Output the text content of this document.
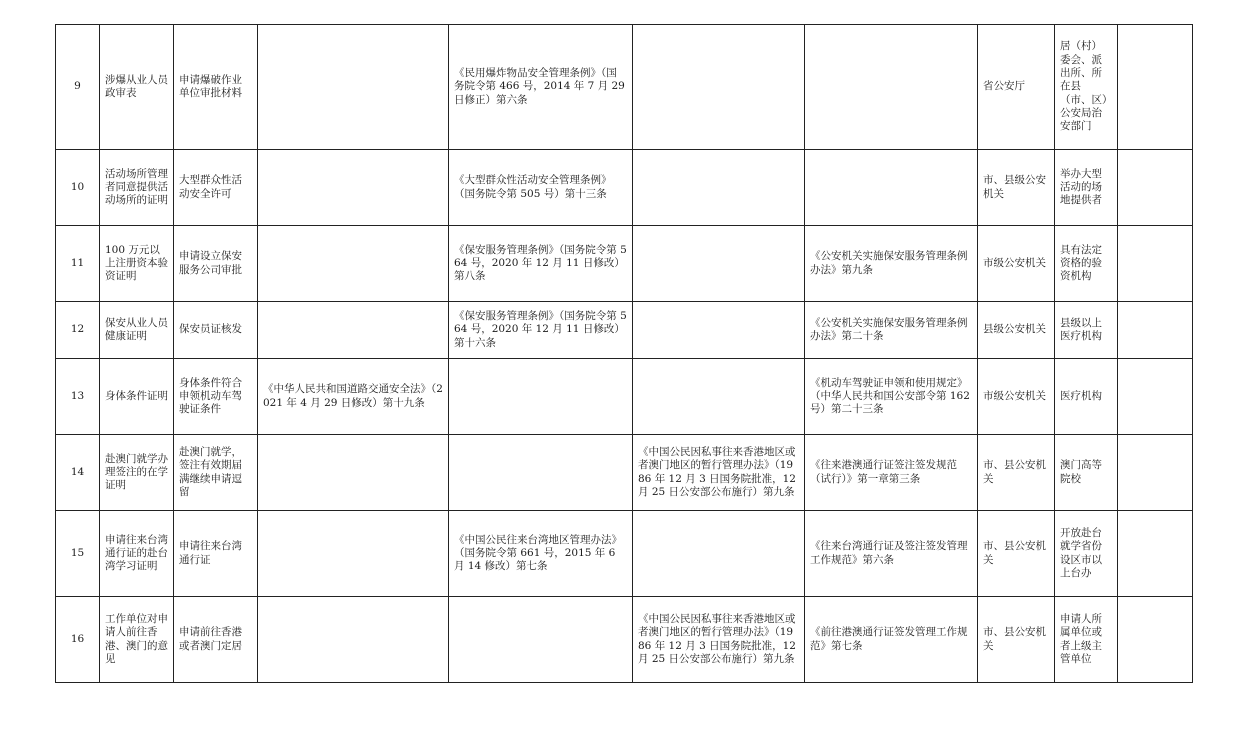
9	涉爆从业人员政审表	申请爆破作业单位审批材料		《民用爆炸物品安全管理条例》（国务院令第 466 号，2014 年 7 月 29 日修正）第六条			省公安厅	居（村）委会、派出所、所在县（市、区）公安局治安部门	
10	活动场所管理者同意提供活动场所的证明	大型群众性活动安全许可		《大型群众性活动安全管理条例》（国务院令第 505 号）第十三条			市、县级公安机关	举办大型活动的场地提供者	
11	100 万元以上注册资本验资证明	申请设立保安服务公司审批		《保安服务管理条例》（国务院令第 564 号，2020 年 12 月 11 日修改）第八条		《公安机关实施保安服务管理条例办法》第九条	市级公安机关	具有法定资格的验资机构	
12	保安从业人员健康证明	保安员证核发		《保安服务管理条例》（国务院令第 564 号，2020 年 12 月 11 日修改）第十六条		《公安机关实施保安服务管理条例办法》第二十条	县级公安机关	县级以上医疗机构	
13	身体条件证明	身体条件符合申领机动车驾驶证条件	《中华人民共和国道路交通安全法》（2021 年 4 月 29 日修改）第十九条			《机动车驾驶证申领和使用规定》（中华人民共和国公安部令第 162 号）第二十三条	市级公安机关	医疗机构	
14	赴澳门就学办理签注的在学证明	赴澳门就学，签注有效期届满继续申请逗留			《中国公民因私事往来香港地区或者澳门地区的暂行管理办法》（1986 年 12 月 3 日国务院批准，12 月 25 日公安部公布施行）第九条	《往来港澳通行证签注签发规范（试行）》第一章第三条	市、县公安机关	澳门高等院校	
15	申请往来台湾通行证的赴台湾学习证明	申请往来台湾通行证		《中国公民往来台湾地区管理办法》（国务院令第 661 号，2015 年 6 月 14 修改）第七条		《往来台湾通行证及签注签发管理工作规范》第六条	市、县公安机关	开放赴台就学省份设区市以上台办	
16	工作单位对申请人前往香港、澳门的意见	申请前往香港或者澳门定居			《中国公民因私事往来香港地区或者澳门地区的暂行管理办法》（1986 年 12 月 3 日国务院批准，12 月 25 日公安部公布施行）第九条	《前往港澳通行证签发管理工作规范》第七条	市、县公安机关	申请人所属单位或者上级主管单位	
